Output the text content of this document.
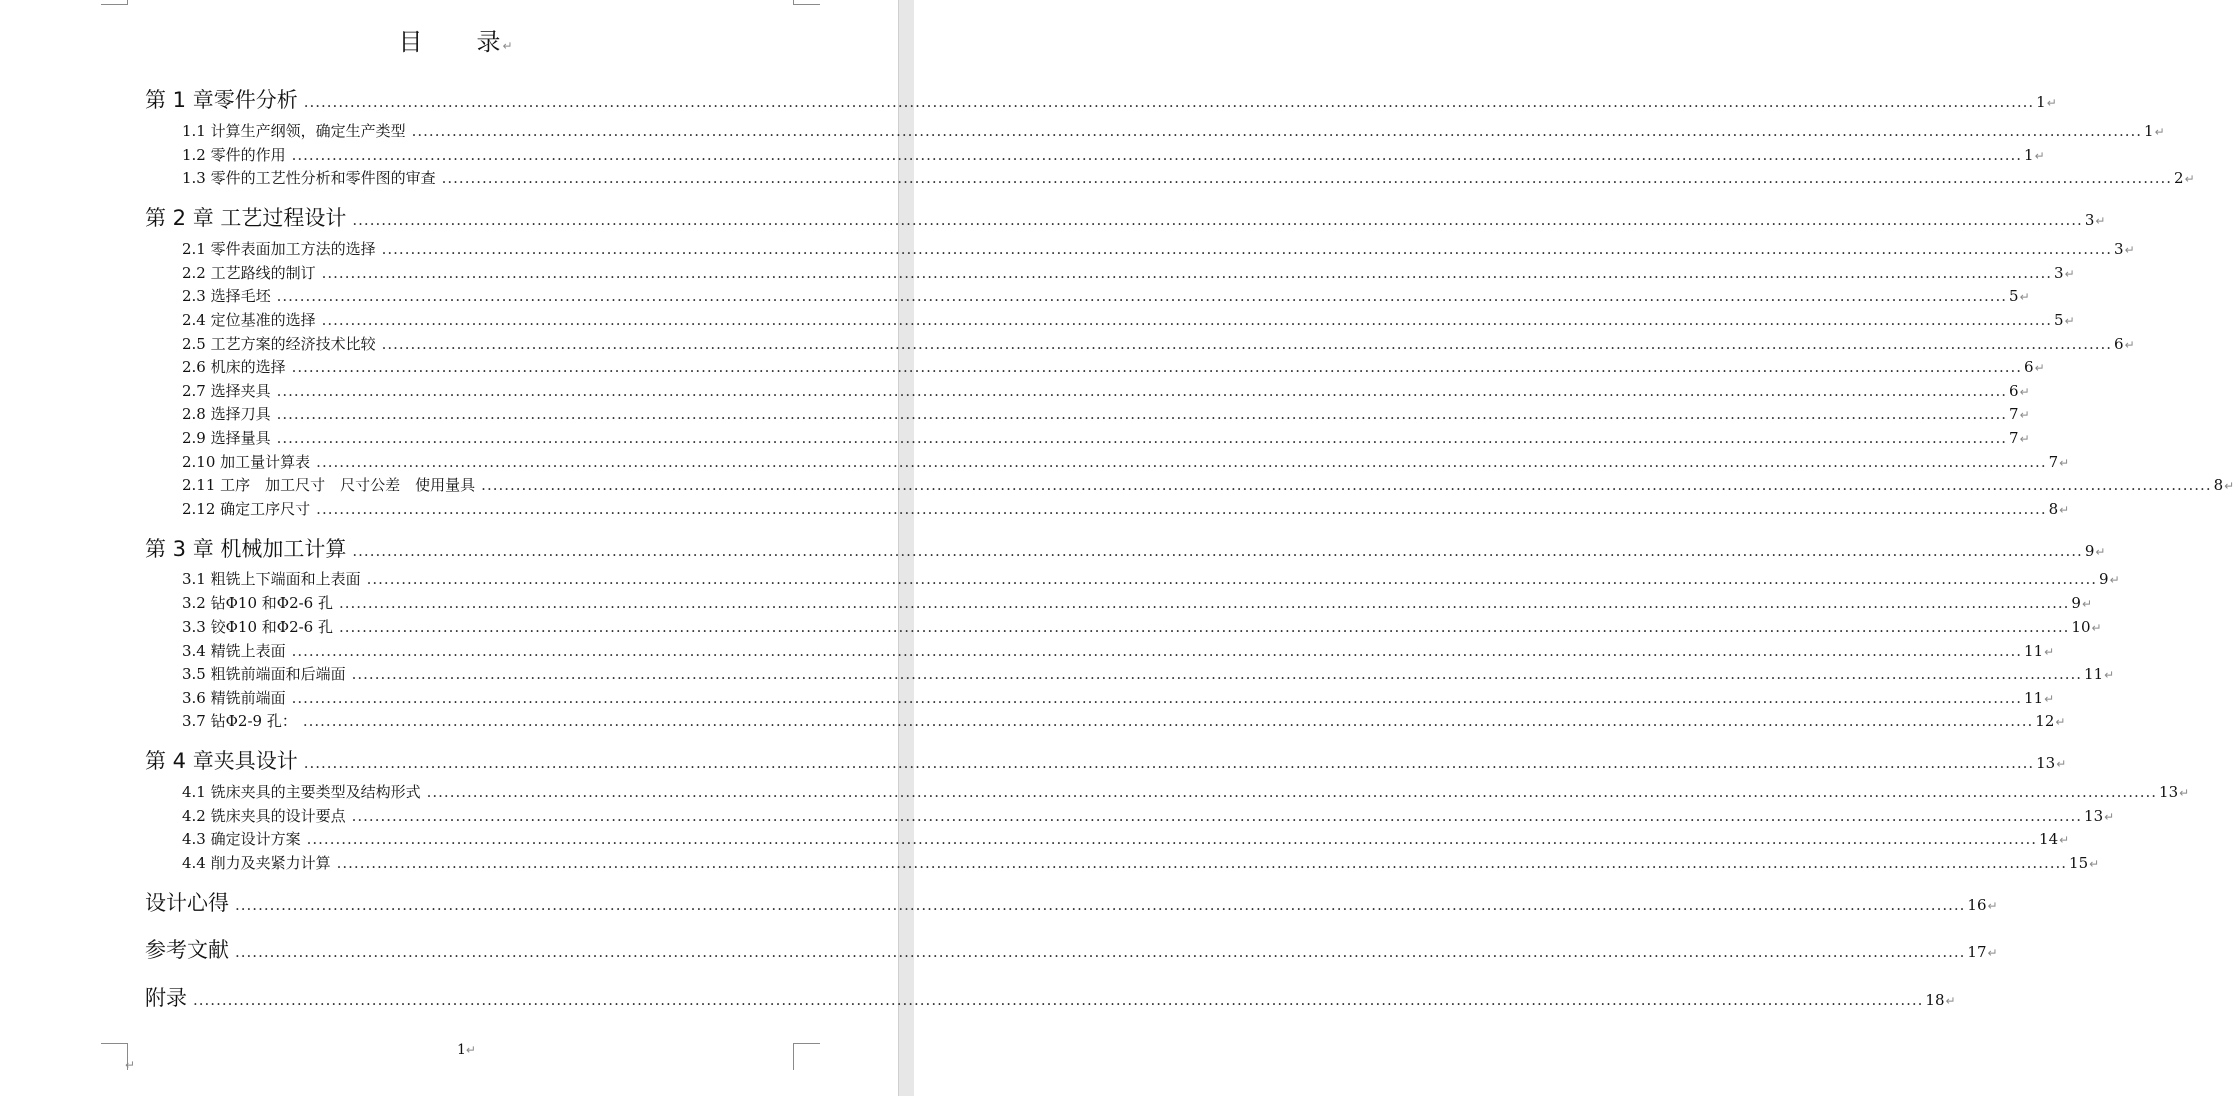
↵
目　　录↵
第 1 章零件分析 ............................................................................................................................................................................................................................................................................................................ 1 ↵
1.1 计算生产纲领，确定生产类型 ............................................................................................................................................................................................................................................................................................................ 1 ↵
1.2 零件的作用 ............................................................................................................................................................................................................................................................................................................ 1 ↵
1.3 零件的工艺性分析和零件图的审查 ............................................................................................................................................................................................................................................................................................................ 2 ↵
第 2 章 工艺过程设计 ............................................................................................................................................................................................................................................................................................................ 3 ↵
2.1 零件表面加工方法的选择 ............................................................................................................................................................................................................................................................................................................ 3 ↵
2.2 工艺路线的制订 ............................................................................................................................................................................................................................................................................................................ 3 ↵
2.3 选择毛坯 ............................................................................................................................................................................................................................................................................................................ 5 ↵
2.4 定位基准的选择 ............................................................................................................................................................................................................................................................................................................ 5 ↵
2.5 工艺方案的经济技术比较 ............................................................................................................................................................................................................................................................................................................ 6 ↵
2.6 机床的选择 ............................................................................................................................................................................................................................................................................................................ 6 ↵
2.7 选择夹具 ............................................................................................................................................................................................................................................................................................................ 6 ↵
2.8 选择刀具 ............................................................................................................................................................................................................................................................................................................ 7 ↵
2.9 选择量具 ............................................................................................................................................................................................................................................................................................................ 7 ↵
2.10 加工量计算表 ............................................................................................................................................................................................................................................................................................................ 7 ↵
2.11 工序　加工尺寸　尺寸公差　使用量具 ............................................................................................................................................................................................................................................................................................................ 8 ↵
2.12 确定工序尺寸 ............................................................................................................................................................................................................................................................................................................ 8 ↵
第 3 章 机械加工计算 ............................................................................................................................................................................................................................................................................................................ 9 ↵
3.1 粗铣上下端面和上表面 ............................................................................................................................................................................................................................................................................................................ 9 ↵
3.2 钻Φ10 和Φ2-6 孔 ............................................................................................................................................................................................................................................................................................................ 9 ↵
3.3 铰Φ10 和Φ2-6 孔 ............................................................................................................................................................................................................................................................................................................ 10 ↵
3.4 精铣上表面 ............................................................................................................................................................................................................................................................................................................ 11 ↵
3.5 粗铣前端面和后端面 ............................................................................................................................................................................................................................................................................................................ 11 ↵
3.6 精铣前端面 ............................................................................................................................................................................................................................................................................................................ 11 ↵
3.7 钻Φ2-9 孔： ............................................................................................................................................................................................................................................................................................................ 12 ↵
第 4 章夹具设计 ............................................................................................................................................................................................................................................................................................................ 13 ↵
4.1 铣床夹具的主要类型及结构形式 ............................................................................................................................................................................................................................................................................................................ 13 ↵
4.2 铣床夹具的设计要点 ............................................................................................................................................................................................................................................................................................................ 13 ↵
4.3 确定设计方案 ............................................................................................................................................................................................................................................................................................................ 14 ↵
4.4 削力及夹紧力计算 ............................................................................................................................................................................................................................................................................................................ 15 ↵
设计心得 ............................................................................................................................................................................................................................................................................................................ 16 ↵
参考文献 ............................................................................................................................................................................................................................................................................................................ 17 ↵
附录 ............................................................................................................................................................................................................................................................................................................ 18 ↵
1↵
